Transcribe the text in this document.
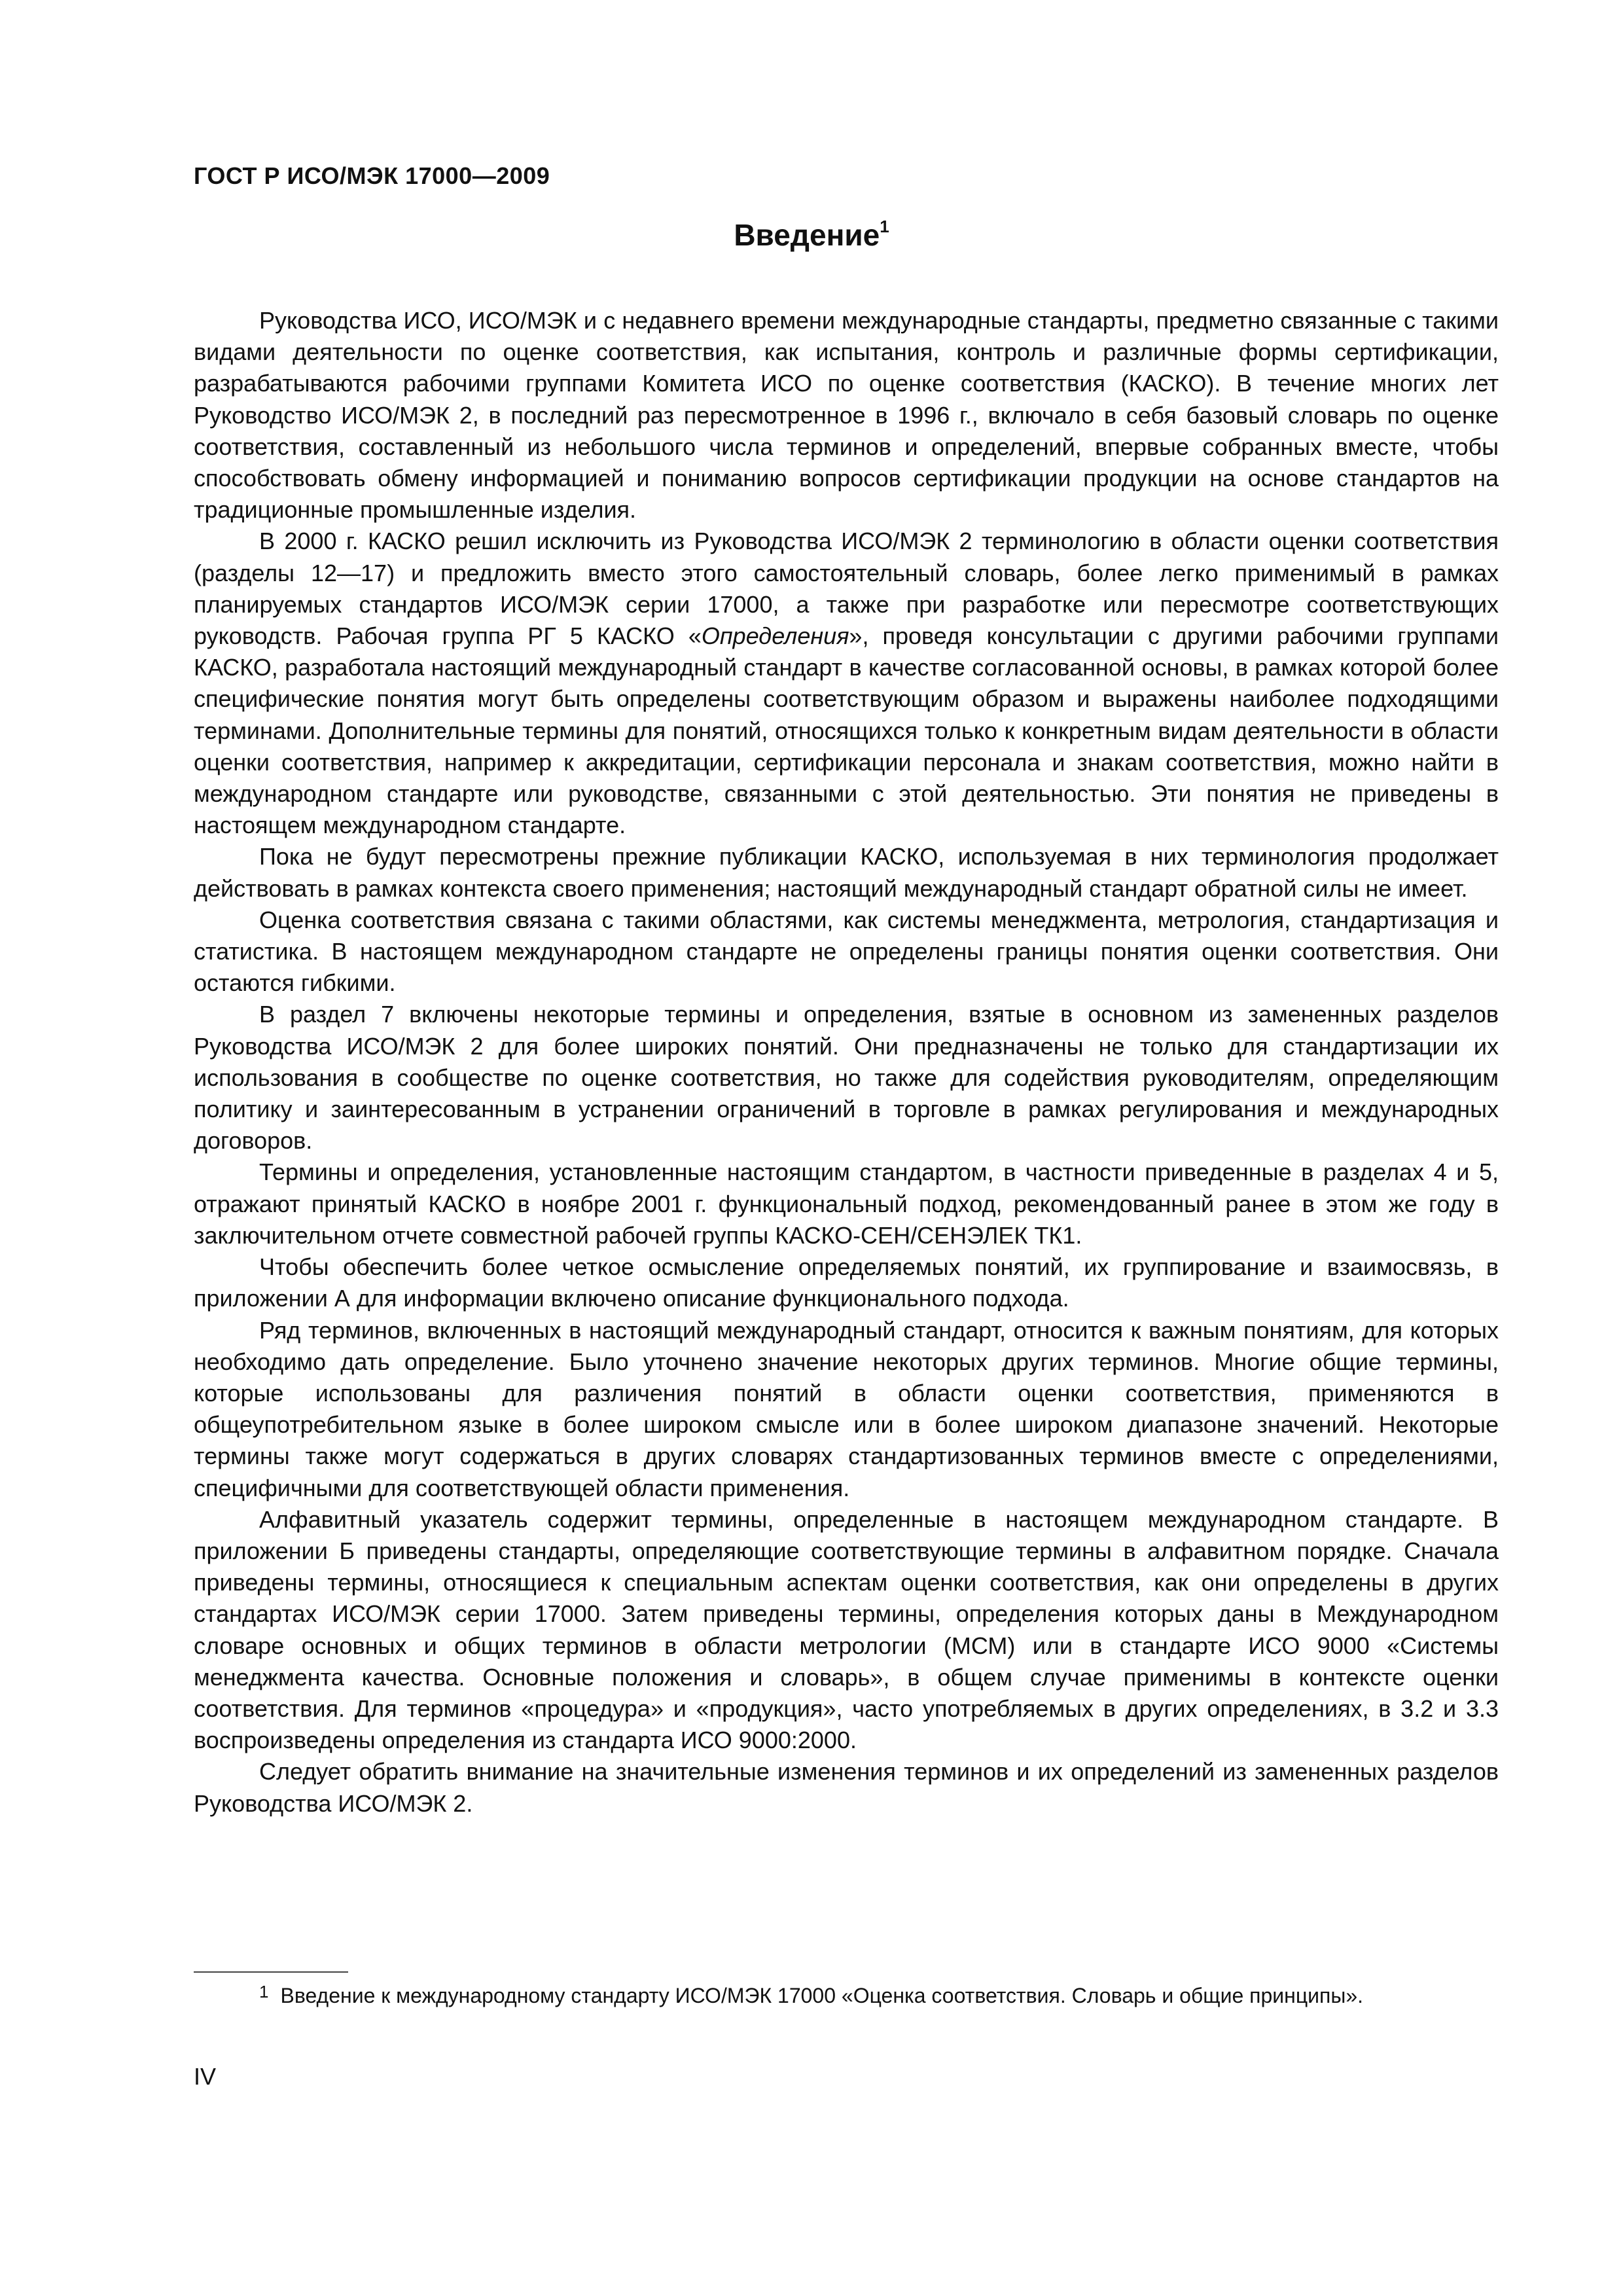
ГОСТ Р ИСО/МЭК 17000—2009
Введение$^1$

Руководства ИСО, ИСО/МЭК и с недавнего времени международные стандарты, предметно связанные с такими видами деятельности по оценке соответствия, как испытания, контроль и различные формы сертификации, разрабатываются рабочими группами Комитета ИСО по оценке соответствия (КАСКО). В течение многих лет Руководство ИСО/МЭК 2, в последний раз пересмотренное в 1996 г., включало в себя базовый словарь по оценке соответствия, составленный из небольшого числа терминов и определений, впервые собранных вместе, чтобы способствовать обмену информацией и пониманию вопросов сертификации продукции на основе стандартов на традиционные промышленные изделия.

В 2000 г. КАСКО решил исключить из Руководства ИСО/МЭК 2 терминологию в области оценки соответствия (разделы 12—17) и предложить вместо этого самостоятельный словарь, более легко применимый в рамках планируемых стандартов ИСО/МЭК серии 17000, а также при разработке или пересмотре соответствующих руководств. Рабочая группа РГ 5 КАСКО «Определения», проведя консультации с другими рабочими группами КАСКО, разработала настоящий международный стандарт в качестве согласованной основы, в рамках которой более специфические понятия могут быть определены соответствующим образом и выражены наиболее подходящими терминами. Дополнительные термины для понятий, относящихся только к конкретным видам деятельности в области оценки соответствия, например к аккредитации, сертификации персонала и знакам соответствия, можно найти в международном стандарте или руководстве, связанными с этой деятельностью. Эти понятия не приведены в настоящем международном стандарте.

Пока не будут пересмотрены прежние публикации КАСКО, используемая в них терминология продолжает действовать в рамках контекста своего применения; настоящий международный стандарт обратной силы не имеет.

Оценка соответствия связана с такими областями, как системы менеджмента, метрология, стандартизация и статистика. В настоящем международном стандарте не определены границы понятия оценки соответствия. Они остаются гибкими.

В раздел 7 включены некоторые термины и определения, взятые в основном из замененных разделов Руководства ИСО/МЭК 2 для более широких понятий. Они предназначены не только для стандартизации их использования в сообществе по оценке соответствия, но также для содействия руководителям, определяющим политику и заинтересованным в устранении ограничений в торговле в рамках регулирования и международных договоров.

Термины и определения, установленные настоящим стандартом, в частности приведенные в разделах 4 и 5, отражают принятый КАСКО в ноябре 2001 г. функциональный подход, рекомендованный ранее в этом же году в заключительном отчете совместной рабочей группы КАСКО-СЕН/СЕНЭЛЕК ТК1.

Чтобы обеспечить более четкое осмысление определяемых понятий, их группирование и взаимосвязь, в приложении А для информации включено описание функционального подхода.

Ряд терминов, включенных в настоящий международный стандарт, относится к важным понятиям, для которых необходимо дать определение. Было уточнено значение некоторых других терминов. Многие общие термины, которые использованы для различения понятий в области оценки соответствия, применяются в общеупотребительном языке в более широком смысле или в более широком диапазоне значений. Некоторые термины также могут содержаться в других словарях стандартизованных терминов вместе с определениями, специфичными для соответствующей области применения.

Алфавитный указатель содержит термины, определенные в настоящем международном стандарте. В приложении Б приведены стандарты, определяющие соответствующие термины в алфавитном порядке. Сначала приведены термины, относящиеся к специальным аспектам оценки соответствия, как они определены в других стандартах ИСО/МЭК серии 17000. Затем приведены термины, определения которых даны в Международном словаре основных и общих терминов в области метрологии (МСМ) или в стандарте ИСО 9000 «Системы менеджмента качества. Основные положения и словарь», в общем случае применимы в контексте оценки соответствия. Для терминов «процедура» и «продукция», часто употребляемых в других определениях, в 3.2 и 3.3 воспроизведены определения из стандарта ИСО 9000:2000.

Следует обратить внимание на значительные изменения терминов и их определений из замененных разделов Руководства ИСО/МЭК 2.

1 Введение к международному стандарту ИСО/МЭК 17000 «Оценка соответствия. Словарь и общие принципы».
IV
